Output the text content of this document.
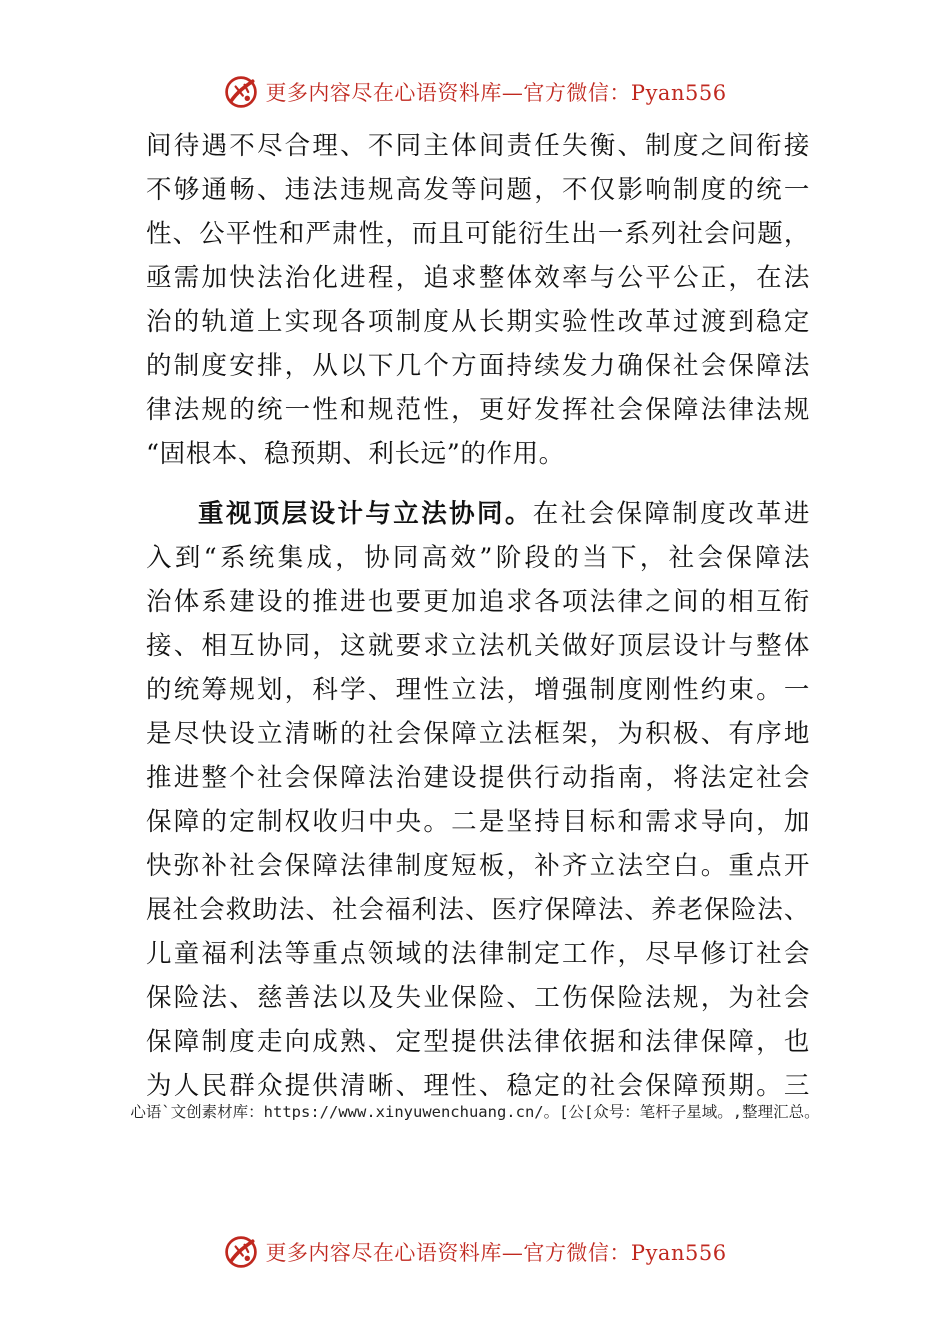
更多内容尽在心语资料库—官方微信：Pyan556
间待遇不尽合理、不同主体间责任失衡、制度之间衔接
不够通畅、违法违规高发等问题，不仅影响制度的统一
性、公平性和严肃性，而且可能衍生出一系列社会问题，
亟需加快法治化进程，追求整体效率与公平公正，在法
治的轨道上实现各项制度从长期实验性改革过渡到稳定
的制度安排，从以下几个方面持续发力确保社会保障法
律法规的统一性和规范性，更好发挥社会保障法律法规
“固根本、稳预期、利长远”的作用。
重视顶层设计与立法协同。在社会保障制度改革进
入到“系统集成，协同高效”阶段的当下，社会保障法
治体系建设的推进也要更加追求各项法律之间的相互衔
接、相互协同，这就要求立法机关做好顶层设计与整体
的统筹规划，科学、理性立法，增强制度刚性约束。一
是尽快设立清晰的社会保障立法框架，为积极、有序地
推进整个社会保障法治建设提供行动指南，将法定社会
保障的定制权收归中央。二是坚持目标和需求导向，加
快弥补社会保障法律制度短板，补齐立法空白。重点开
展社会救助法、社会福利法、医疗保障法、养老保险法、
儿童福利法等重点领域的法律制定工作，尽早修订社会
保险法、慈善法以及失业保险、工伤保险法规，为社会
保障制度走向成熟、定型提供法律依据和法律保障，也
为人民群众提供清晰、理性、稳定的社会保障预期。三
心语`文创素材库：https://www.xinyuwenchuang.cn/。[公[众号：笔杆子星域。,整理汇总。
更多内容尽在心语资料库—官方微信：Pyan556
